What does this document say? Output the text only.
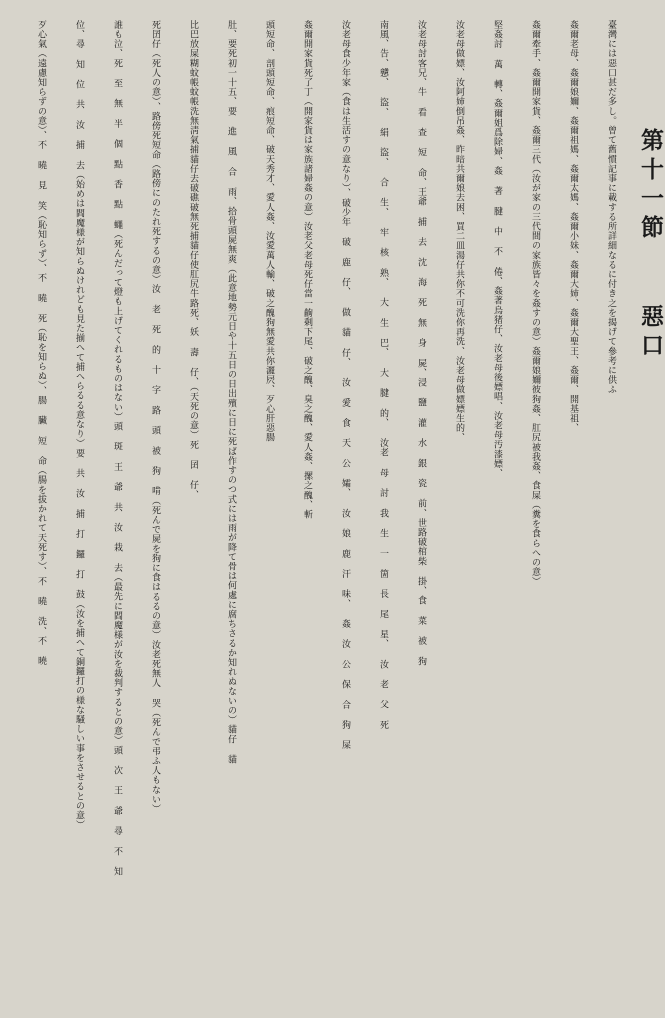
第十一節惡口
臺灣には惡口甚だ多し。曾て舊慣記事に載する所詳細なるに付き之を揭げて參考に供ふ
姦爾老母、姦爾娘嬭、姦爾祖媽、姦爾太媽、姦爾小妹、姦爾大姉、姦爾大聖王、姦爾、開基祖、
姦爾牽手、姦爾開家貨、姦爾三代（汝が家の三代間の家族皆々を姦すの意）姦爾娘嬭彼狗姦、肛尻被我姦、食屎（糞を食らへの意）
堅姦討 萬 轉、姦爾姐爲除婦、姦 著 腱 中 不 倦、姦著烏猪仔、汝老母後嫖唱、汝老母汚漆嫖、
汝老母做嫖、汝阿姉倒吊姦、昨暗共爾娘去困、買二皿湯仔共你不可洗你再洗、汝老母做嫖嫖生的、
汝老母討客兄、牛 看 查 短 命、王爺 捕 去 沈 海 死 無 身 屍、浸 鹽 灌 水 銀 瓷 前、世路破棺柴 掛、食 菜 被 狗
南風、告、戇、 盜、 絹 盜、 合 生、 牢 核 熟、 大 生 巴、 大 腱 的、 汝老 母 討 我 生 一 箇 長 尾 星、 汝 老 父 死
汝老母食少年家（食は生活すの意なり）、破少年 破 鹿 仔、 做 貓 仔、 汝 愛 食 天 公 孀、 汝 娘 鹿 汗 味、 姦 汝 公 保 合 狗 屎
姦爾開家貨死了丁（開家貨は家族諸婦姦の意）汝老父老母死仔當一齣剩下尾、破之醜、臭之醜、愛人姦、摞之醜、斬
頭短命、剖頭短命、痕短命、破天秀才、愛人姦、汝愛萬人輸、破之醜狗無愛共你灑屄、歹心肝惡腸
肚、要死初一十五、要 進 風 合 雨、拾骨頭屍無爽（此意地勢元日や十五日の日出殯に日に死ば作すのつ式には雨が降て骨は何處に腐ちさるか知れぬないの）貓仔 貓
比巴放屎糊蚊帳蚊帳洗無淸氣捕貓仔去破礁破無死捕貓仔使肛尻牛路死、妖 壽 仔、（天死の意）死 囝 仔、
死囝仔（死人の意）、路傍死短命（路傍にのたれ死するの意）汝 老 死 的 十 字 路 頭 被 狗 啃（死んで屍を狗に食はるるの意）汝老死無人 哭（死んで弔ふ人もない）
誰も泣、死 至 無 半 個 點 香 點 蠅（死んだって燈も上げてくれるものはない）頭 斑 王 爺 共 汝 栽 去（最先に閻魔様が汝を裁判するとの意）頭 次 王 爺 尋 不 知
位、尋 知 位 共 汝 捕 去（始めは閻魔様が知らぬけれども見た揃へて捕へらるる意なり）要 共 汝 捕 打 鑼 打 鼓（汝を捕へて銅鑼打の様な騒しい事をさせるとの意）
歹心氣（遠慮知らずの意）、不 曉 見 笑（恥知らず）、不 曉 死（恥を知らぬ）、腸 臟 短 命（腸を拔かれて天死す）、不 曉 洗、不 曉
